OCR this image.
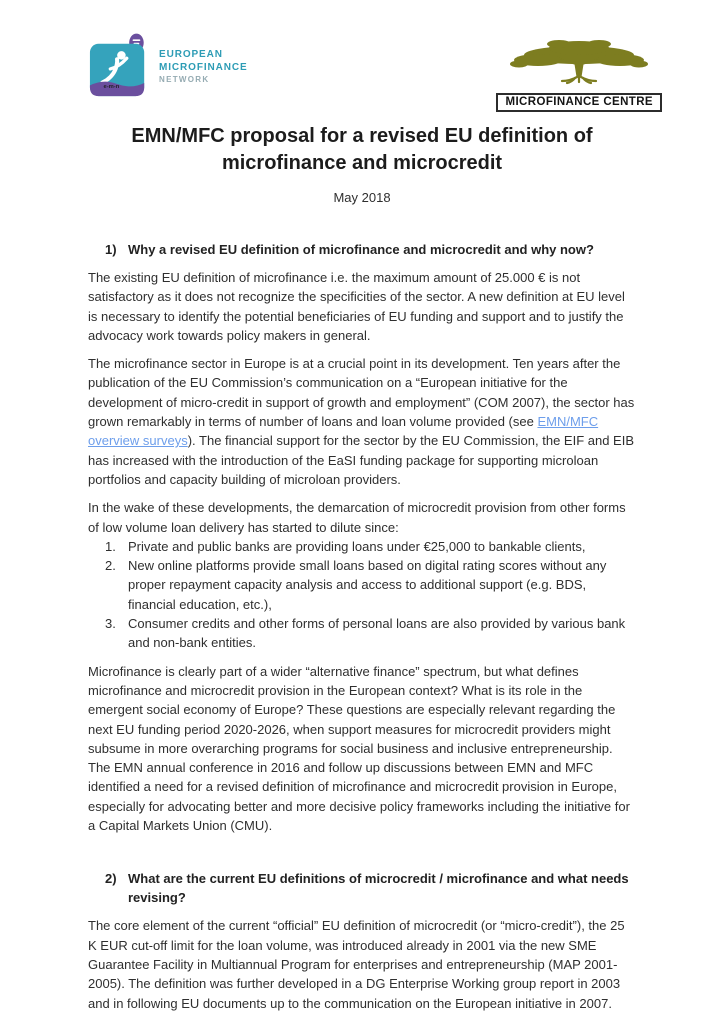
e-m-n
EUROPEAN
MICROFINANCE
NETWORK
MICROFINANCE CENTRE
EMN/MFC proposal for a revised EU definition of
microfinance and microcredit
May 2018
1) Why a revised EU definition of microfinance and microcredit and why now?

The existing EU definition of microfinance i.e. the maximum amount of 25.000 € is not satisfactory as it does not recognize the specificities of the sector. A new definition at EU level is necessary to identify the potential beneficiaries of EU funding and support and to justify the advocacy work towards policy makers in general.

The microfinance sector in Europe is at a crucial point in its development. Ten years after the publication of the EU Commission’s communication on a “European initiative for the development of micro-credit in support of growth and employment” (COM 2007), the sector has grown remarkably in terms of number of loans and loan volume provided (see EMN/MFC overview surveys). The financial support for the sector by the EU Commission, the EIF and EIB has increased with the introduction of the EaSI funding package for supporting microloan portfolios and capacity building of microloan providers.

In the wake of these developments, the demarcation of microcredit provision from other forms of low volume loan delivery has started to dilute since:

1. Private and public banks are providing loans under €25,000 to bankable clients,
2. New online platforms provide small loans based on digital rating scores without any proper repayment capacity analysis and access to additional support (e.g. BDS, financial education, etc.),
3. Consumer credits and other forms of personal loans are also provided by various bank and non-bank entities.

Microfinance is clearly part of a wider “alternative finance” spectrum, but what defines microfinance and microcredit provision in the European context? What is its role in the emergent social economy of Europe? These questions are especially relevant regarding the next EU funding period 2020-2026, when support measures for microcredit providers might subsume in more overarching programs for social business and inclusive entrepreneurship. The EMN annual conference in 2016 and follow up discussions between EMN and MFC identified a need for a revised definition of microfinance and microcredit provision in Europe, especially for advocating better and more decisive policy frameworks including the initiative for a Capital Markets Union (CMU).

2) What are the current EU definitions of microcredit / microfinance and what needs revising?

The core element of the current “official” EU definition of microcredit (or “micro-credit”), the 25 K EUR cut-off limit for the loan volume, was introduced already in 2001 via the new SME Guarantee Facility in Multiannual Program for enterprises and entrepreneurship (MAP 2001-2005). The definition was further developed in a DG Enterprise Working group report in 2003 and in following EU documents up to the communication on the European initiative in 2007.
